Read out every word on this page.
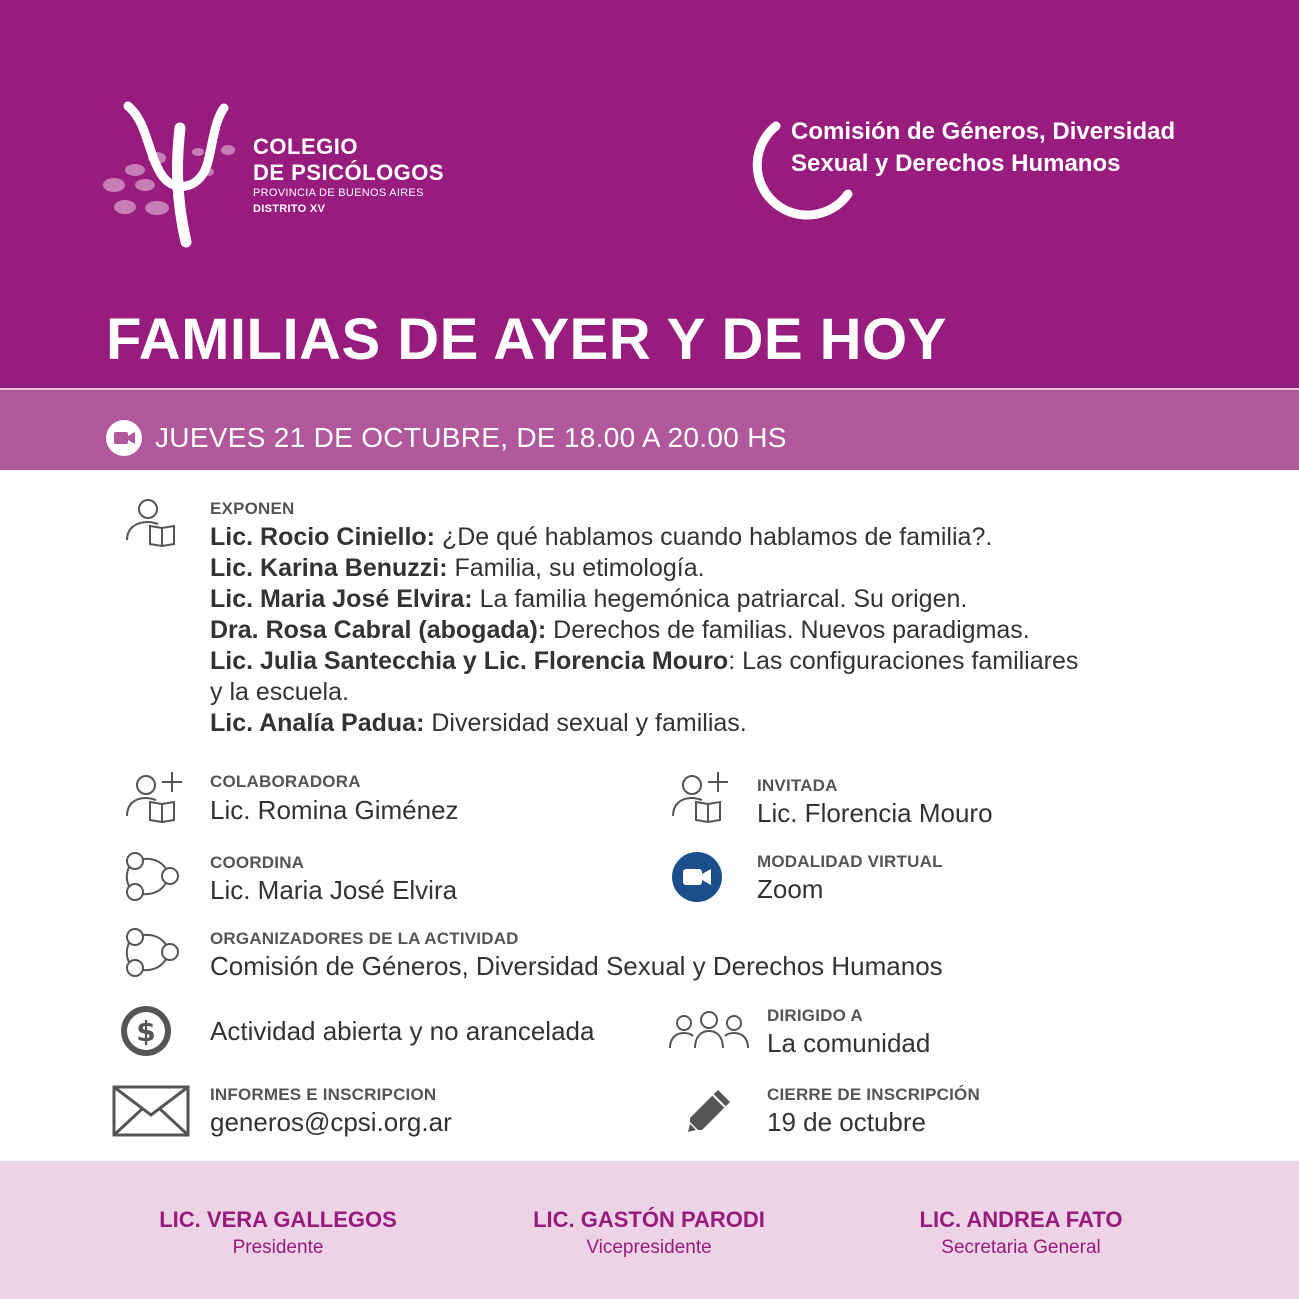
COLEGIO
DE PSICÓLOGOS
PROVINCIA DE BUENOS AIRES
DISTRITO XV
Comisión de Géneros, Diversidad
Sexual y Derechos Humanos
FAMILIAS DE AYER Y DE HOY
JUEVES 21 DE OCTUBRE, DE 18.00 A 20.00 HS
EXPONEN
Lic. Rocio Ciniello: ¿De qué hablamos cuando hablamos de familia?.
Lic. Karina Benuzzi: Familia, su etimología.
Lic. Maria José Elvira: La familia hegemónica patriarcal. Su origen.
Dra. Rosa Cabral (abogada): Derechos de familias. Nuevos paradigmas.
Lic. Julia Santecchia y Lic. Florencia Mouro: Las configuraciones familiares
y la escuela.
Lic. Analía Padua: Diversidad sexual y familias.
COLABORADORA
Lic. Romina Giménez
INVITADA
Lic. Florencia Mouro
COORDINA
Lic. Maria José Elvira
MODALIDAD VIRTUAL
Zoom
ORGANIZADORES DE LA ACTIVIDAD
Comisión de Géneros, Diversidad Sexual y Derechos Humanos
$ Actividad abierta y no arancelada
DIRIGIDO A
La comunidad
INFORMES E INSCRIPCION
generos@cpsi.org.ar
CIERRE DE INSCRIPCIÓN
19 de octubre
LIC. VERA GALLEGOS
Presidente
LIC. GASTÓN PARODI
Vicepresidente
LIC. ANDREA FATO
Secretaria General
